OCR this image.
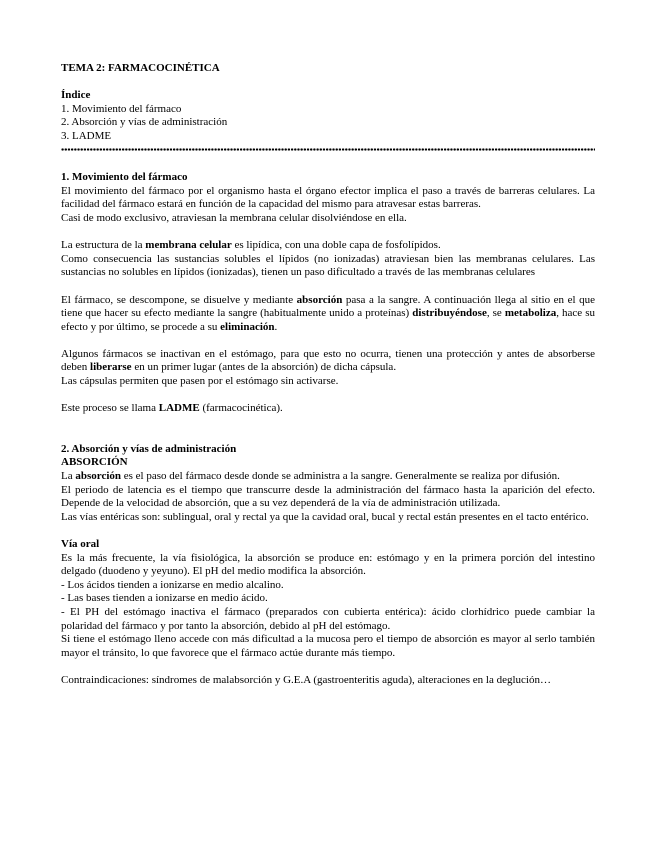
TEMA 2: FARMACOCINÉTICA

Índice

1. Movimiento del fármaco

2. Absorción y vías de administración

3. LADME

1. Movimiento del fármaco

El movimiento del fármaco por el organismo hasta el órgano efector implica el paso a través de barreras celulares. La facilidad del fármaco estará en función de la capacidad del mismo para atravesar estas barreras.

Casi de modo exclusivo, atraviesan la membrana celular disolviéndose en ella.

La estructura de la membrana celular es lipídica, con una doble capa de fosfolípidos.

Como consecuencia las sustancias solubles el lípidos (no ionizadas) atraviesan bien las membranas celulares. Las sustancias no solubles en lípidos (ionizadas), tienen un paso dificultado a través de las membranas celulares

El fármaco, se descompone, se disuelve y mediante absorción pasa a la sangre. A continuación llega al sitio en el que tiene que hacer su efecto mediante la sangre (habitualmente unido a proteínas) distribuyéndose, se metaboliza, hace su efecto y por último, se procede a su eliminación.

Algunos fármacos se inactivan en el estómago, para que esto no ocurra, tienen una protección y antes de absorberse deben liberarse en un primer lugar (antes de la absorción) de dicha cápsula.

Las cápsulas permiten que pasen por el estómago sin activarse.

Este proceso se llama LADME (farmacocinética).

2. Absorción y vías de administración

ABSORCIÓN

La absorción es el paso del fármaco desde donde se administra a la sangre. Generalmente se realiza por difusión.

El periodo de latencia es el tiempo que transcurre desde la administración del fármaco hasta la aparición del efecto. Depende de la velocidad de absorción, que a su vez dependerá de la vía de administración utilizada.

Las vías entéricas son: sublingual, oral y rectal ya que la cavidad oral, bucal y rectal están presentes en el tacto entérico.

Vía oral

Es la más frecuente, la vía fisiológica, la absorción se produce en: estómago y en la primera porción del intestino delgado (duodeno y yeyuno). El pH del medio modifica la absorción.

- Los ácidos tienden a ionizarse en medio alcalino.

- Las bases tienden a ionizarse en medio ácido.

- El PH del estómago inactiva el fármaco (preparados con cubierta entérica): ácido clorhídrico puede cambiar la polaridad del fármaco y por tanto la absorción, debido al pH del estómago.

Si tiene el estómago lleno accede con más dificultad a la mucosa pero el tiempo de absorción es mayor al serlo también mayor el tránsito, lo que favorece que el fármaco actúe durante más tiempo.

Contraindicaciones: síndromes de malabsorción y G.E.A (gastroenteritis aguda), alteraciones en la deglución…
